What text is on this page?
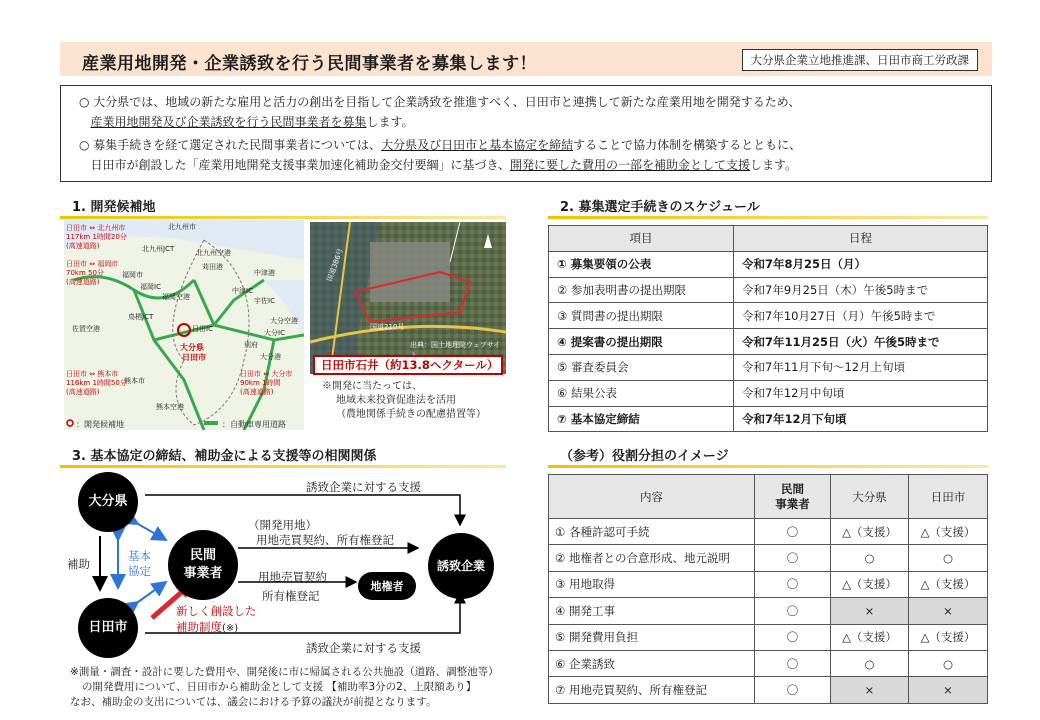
産業用地開発・企業誘致を行う民間事業者を募集します！	大分県企業立地推進課、日田市商工労政課

○ 大分県では、地域の新たな雇用と活力の創出を目指して企業誘致を推進すべく、日田市と連携して新たな産業用地を開発するため、
産業用地開発及び企業誘致を行う民間事業者を募集します。

○ 募集手続きを経て選定された民間事業者については、大分県及び日田市と基本協定を締結することで協力体制を構築するとともに、
日田市が創設した「産業用地開発支援事業加速化補助金交付要綱」に基づき、開発に要した費用の一部を補助金として支援します。

1. 開発候補地	2. 募集選定手続きのスケジュール
3. 基本協定の締結、補助金による支援等の相関関係	（参考）役割分担のイメージ
北九州市
北九州空港
北九州JCT
苅田港
中津港
福岡市
福岡IC
福岡空港
中津IC
宇佐IC
鳥栖JCT
日田IC
大分空港
大分IC
佐賀空港
大分県
日田市
別府
熊本空港
大分港
熊本市
日田市 ⇔ 北九州市
117km 1時間20分
(高速道路)
日田市 ⇔ 福岡市
70km 50分
(高速道路)
日田市 ⇔ 熊本市
116km 1時間50分
(高速道路)
日田市 ⇔ 大分市
90km 1時間
(高速道路)
：開発候補地	：自動車専用道路
国道386号
国道210号
出典：国土地理院ウェブサイ
日田市石井（約13.8ヘクタール）
※開発に当たっては、
地域未来投資促進法を活用
（農地関係手続きの配慮措置等）
項目	日程
① 募集要領の公表	令和7年8月25日（月）
② 参加表明書の提出期限	令和7年9月25日（木）午後5時まで
③ 質問書の提出期限	令和7年10月27日（月）午後5時まで
④ 提案書の提出期限	令和7年11月25日（火）午後5時まで
⑤ 審査委員会	令和7年11月下旬～12月上旬頃
⑥ 結果公表	令和7年12月中旬頃
⑦ 基本協定締結	令和7年12月下旬頃
大分県
日田市
民間
事業者	誘致企業
地権者
誘致企業に対する支援
誘致企業に対する支援
補助
基本
協定
（開発用地）
用地売買契約、所有権登記
用地売買契約
所有権登記
新しく創設した
補助制度(※)
※測量・調査・設計に要した費用や、開発後に市に帰属される公共施設（道路、調整池等）
の開発費用について、日田市から補助金として支援 【補助率3分の2、上限額あり】
なお、補助金の支出については、議会における予算の議決が前提となります。
内容	民間
事業者	大分県	日田市
① 各種許認可手続	〇	△（支援）	△（支援）
② 地権者との合意形成、地元説明	〇	○	○
③ 用地取得	〇	△（支援）	△（支援）
④ 開発工事	〇	×	×
⑤ 開発費用負担	〇	△（支援）	△（支援）
⑥ 企業誘致	〇	○	○
⑦ 用地売買契約、所有権登記	〇	×	×
